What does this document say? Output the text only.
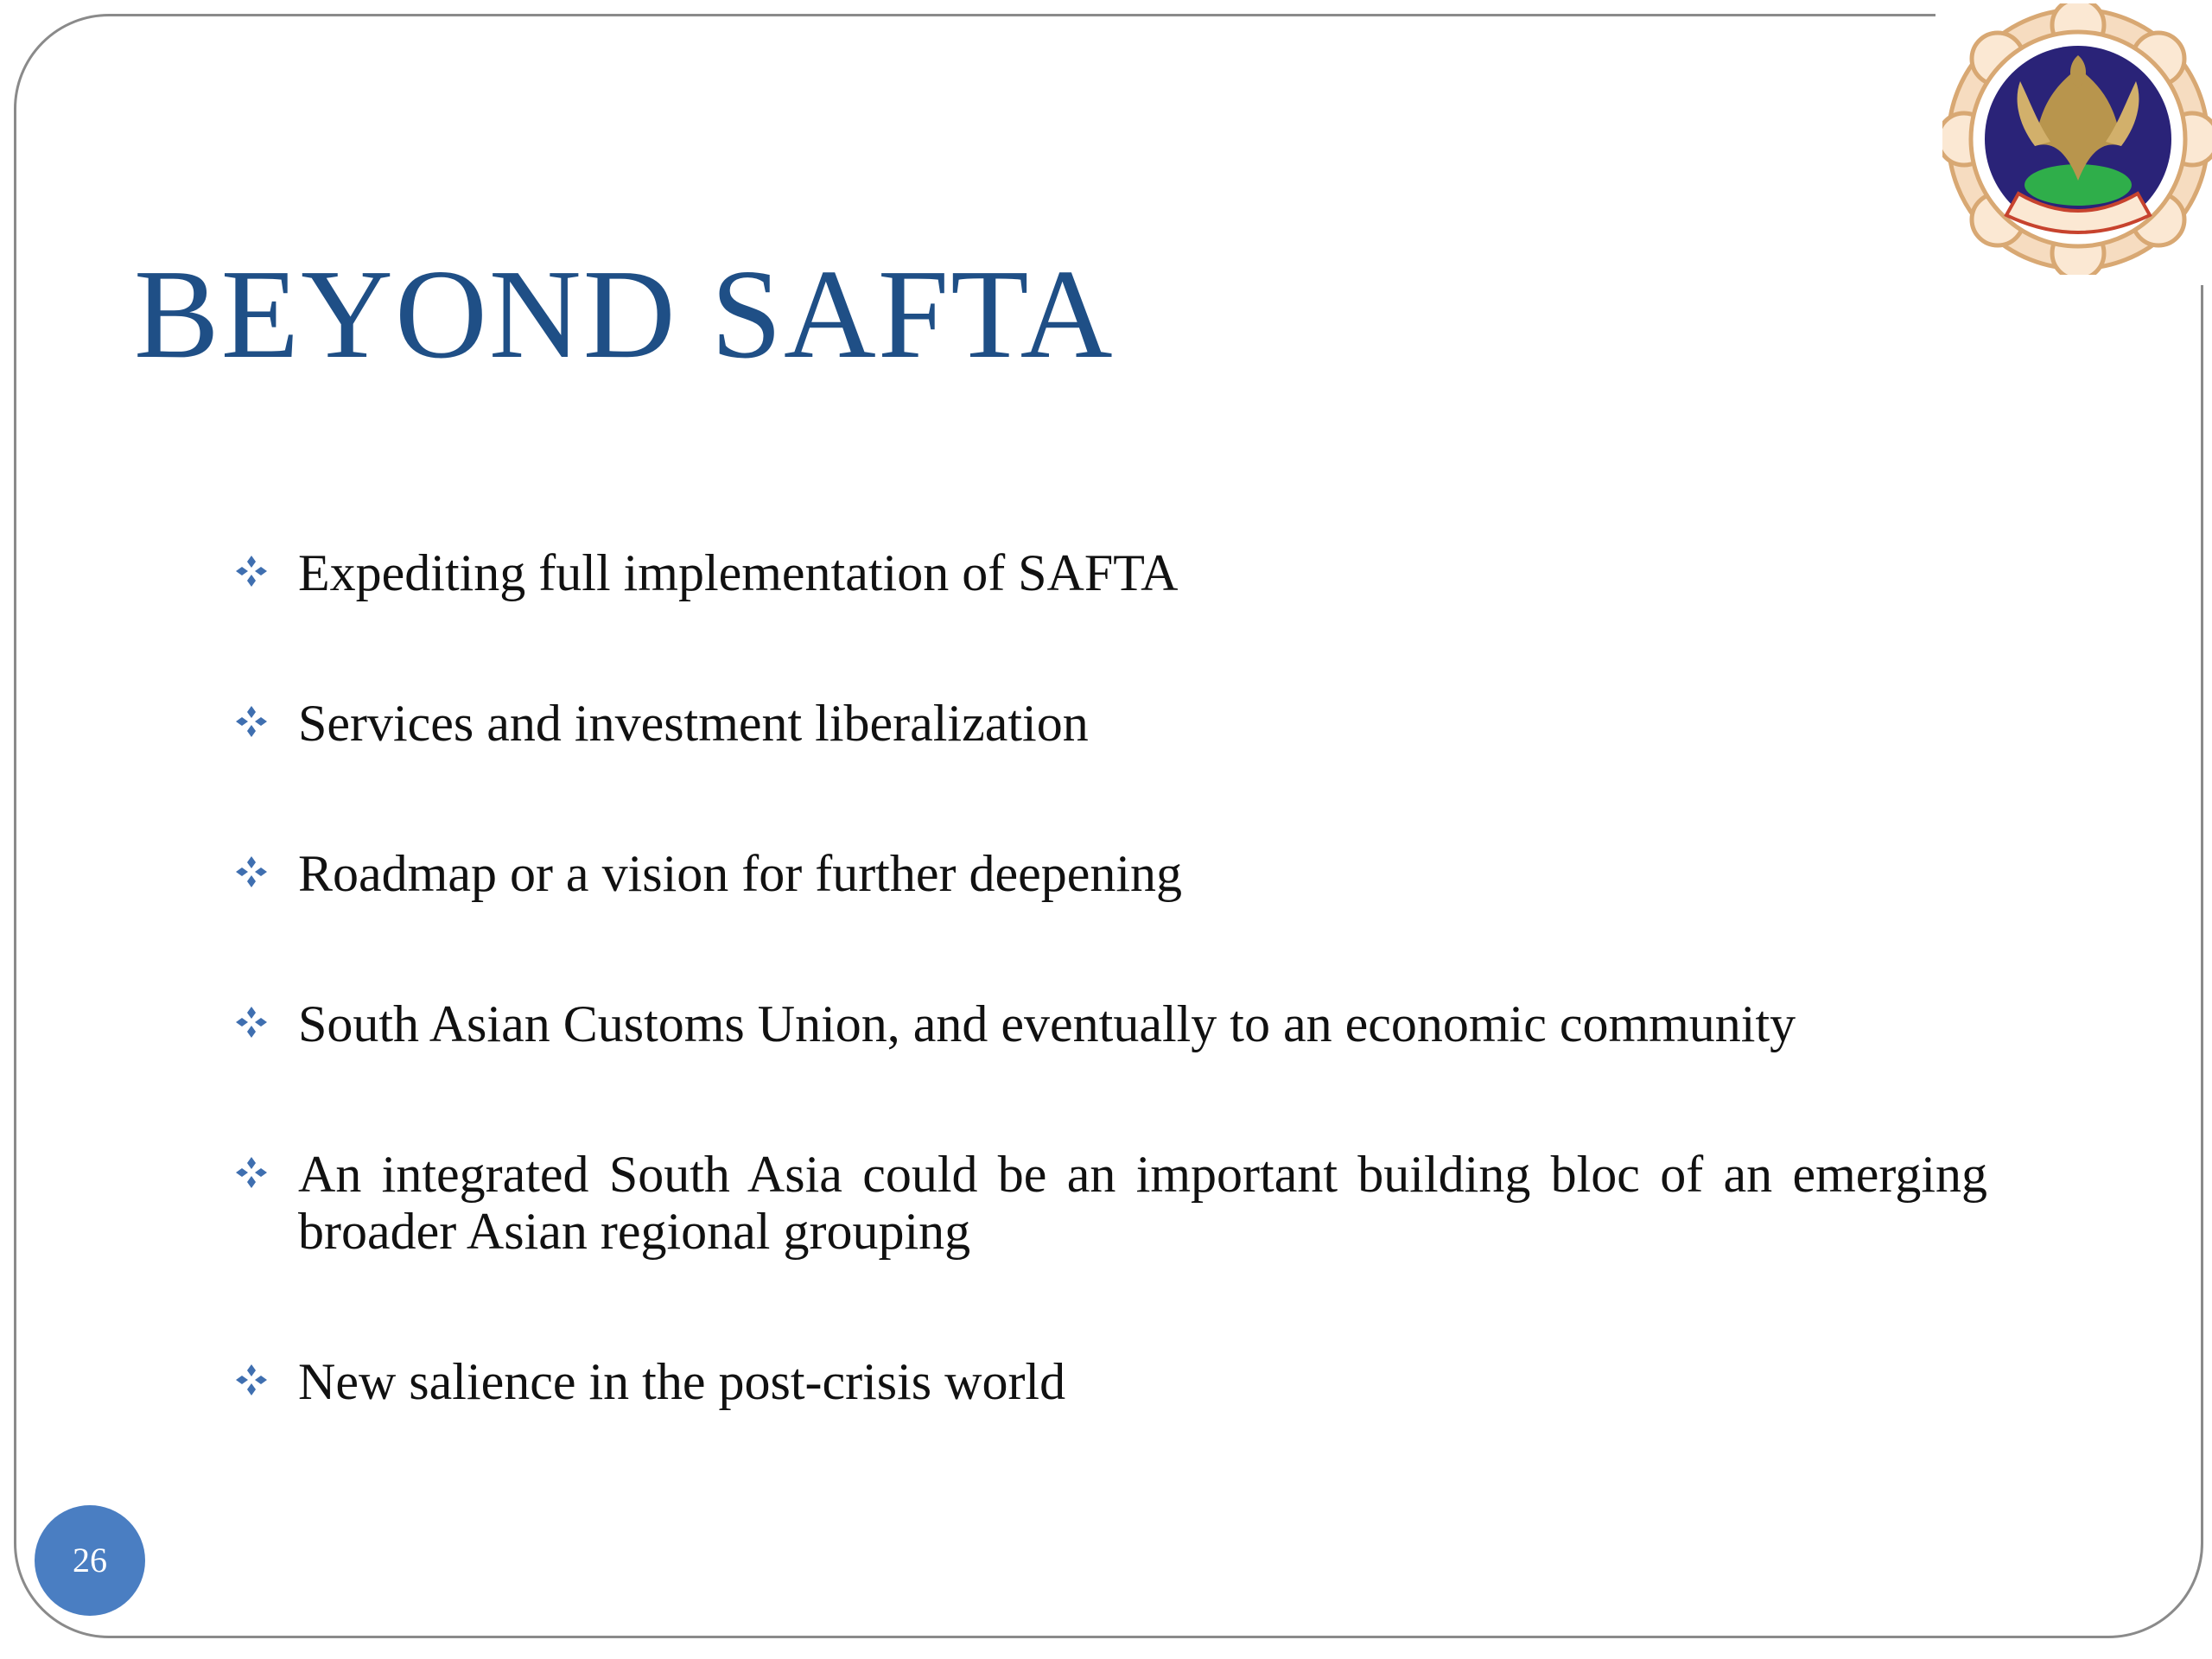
BEYOND SAFTA
Expediting full implementation of SAFTA
Services and investment liberalization
Roadmap or a vision for further deepening
South Asian Customs Union, and eventually to an economic community
An integrated South Asia could be an important building bloc of an emerging broader Asian regional grouping
New salience in the post-crisis world
26
